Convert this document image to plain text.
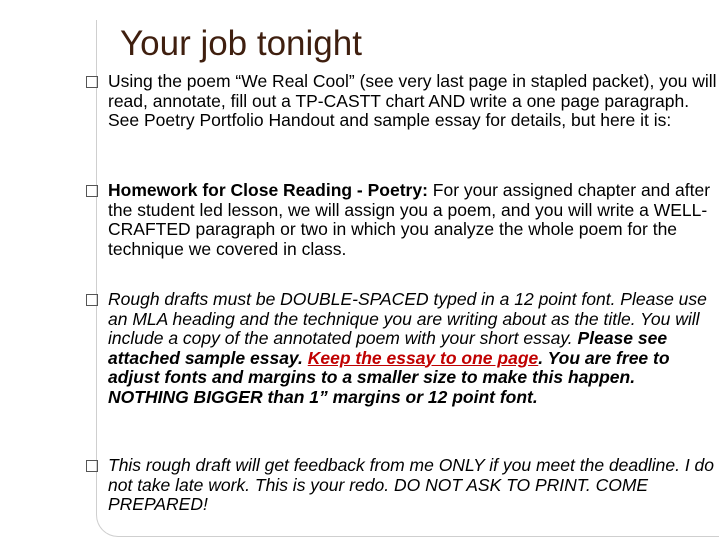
Your job tonight
Using the poem “We Real Cool” (see very last page in stapled packet), you will read, annotate, fill out a TP-CASTT chart AND write a one page paragraph. See Poetry Portfolio Handout and sample essay for details, but here it is:
Homework for Close Reading - Poetry: For your assigned chapter and after the student led lesson, we will assign you a poem, and you will write a WELL-CRAFTED paragraph or two in which you analyze the whole poem for the technique we covered in class.
Rough drafts must be DOUBLE-SPACED typed in a 12 point font. Please use an MLA heading and the technique you are writing about as the title. You will include a copy of the annotated poem with your short essay. Please see attached sample essay. Keep the essay to one page. You are free to adjust fonts and margins to a smaller size to make this happen. NOTHING BIGGER than 1” margins or 12 point font.
This rough draft will get feedback from me ONLY if you meet the deadline. I do not take late work. This is your redo. DO NOT ASK TO PRINT. COME PREPARED!
